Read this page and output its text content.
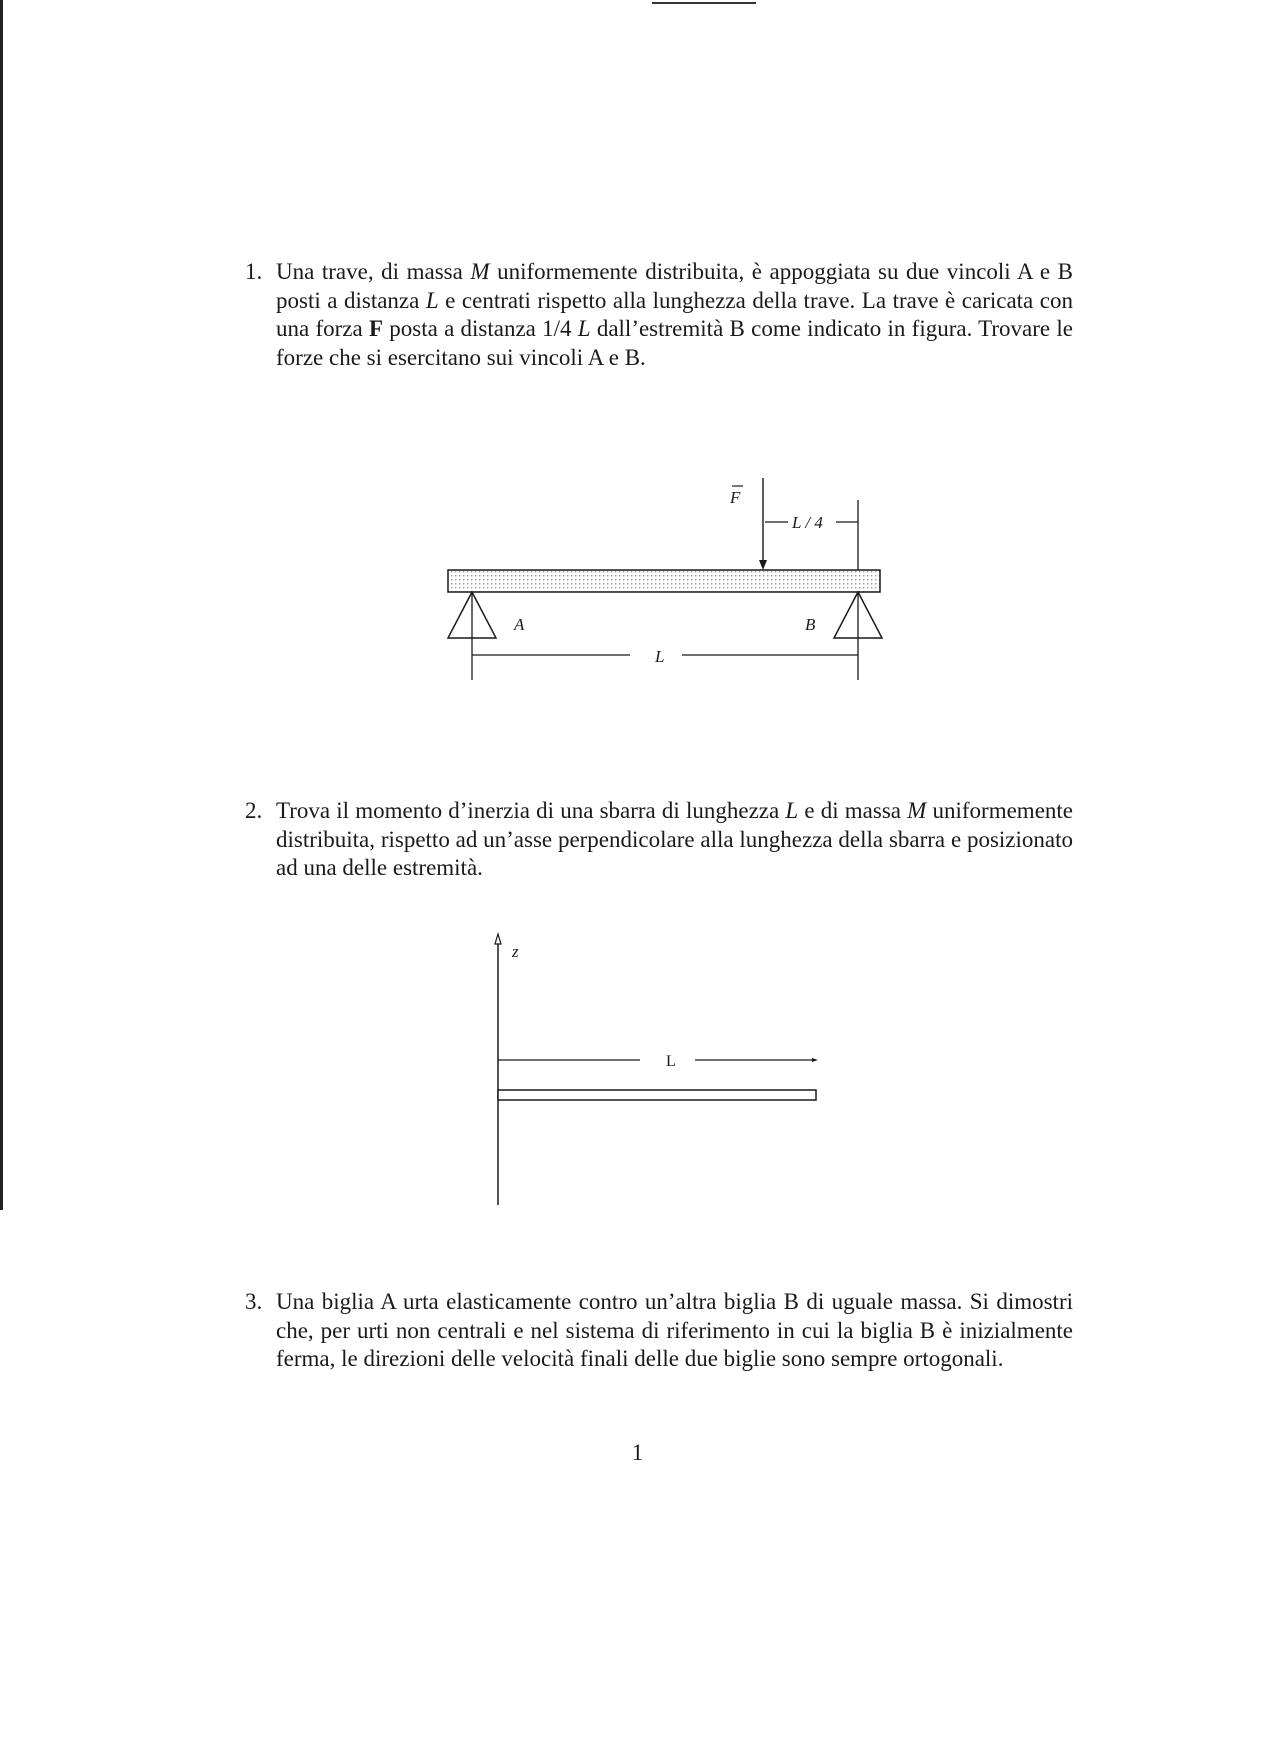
1. Una trave, di massa M uniformemente distribuita, è appoggiata su due vincoli A e B posti a distanza L e centrati rispetto alla lunghezza della trave. La trave è caricata con una forza F posta a distanza 1/4 L dall’estremità B come indicato in figura. Trovare le forze che si esercitano sui vincoli A e B.

F
L / 4
A	B
L
2. Trova il momento d’inerzia di una sbarra di lunghezza L e di massa M uniformemente distribuita, rispetto ad un’asse perpendicolare alla lunghezza della sbarra e posizionato ad una delle estremità.

z
L
3. Una biglia A urta elasticamente contro un’altra biglia B di uguale massa. Si dimostri che, per urti non centrali e nel sistema di riferimento in cui la biglia B è inizialmente ferma, le direzioni delle velocità finali delle due biglie sono sempre ortogonali.

1
